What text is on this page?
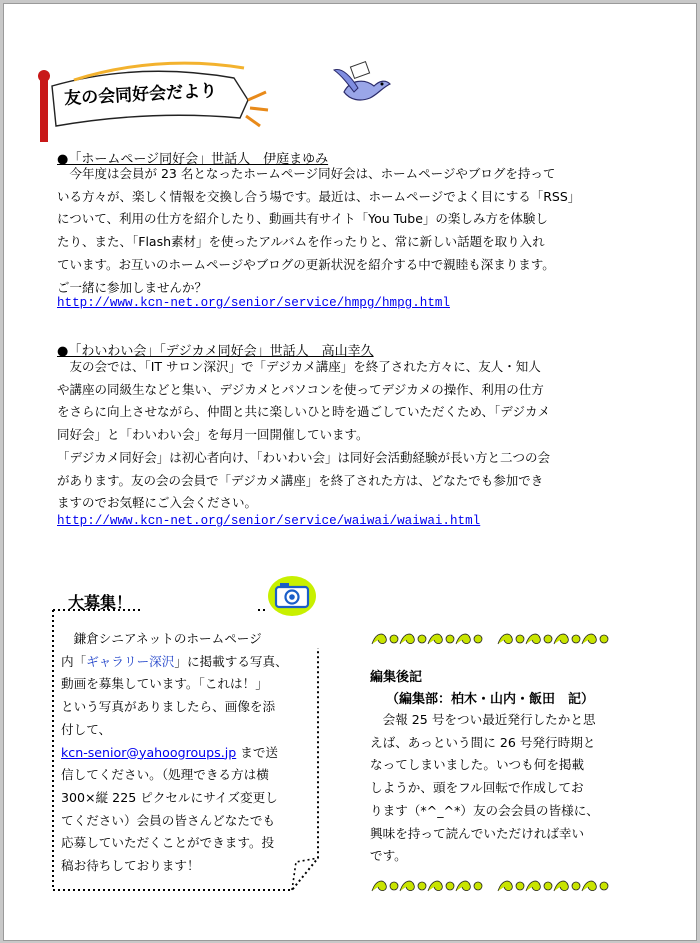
友の会同好会だより
●「ホームページ同好会」世話人　伊庭まゆみ
　今年度は会員が 23 名となったホームページ同好会は、ホームページやブログを持って
いる方々が、楽しく情報を交換し合う場です。最近は、ホームページでよく目にする「RSS」
について、利用の仕方を紹介したり、動画共有サイト「You Tube」の楽しみ方を体験し
たり、また、「Flash素材」を使ったアルバムを作ったりと、常に新しい話題を取り入れ
ています。お互いのホームページやブログの更新状況を紹介する中で親睦も深まります。
ご一緒に参加しませんか？
http://www.kcn-net.org/senior/service/hmpg/hmpg.html
●「わいわい会」「デジカメ同好会」世話人　高山幸久
　友の会では、「IT サロン深沢」で「デジカメ講座」を終了された方々に、友人・知人
や講座の同級生などと集い、デジカメとパソコンを使ってデジカメの操作、利用の仕方
をさらに向上させながら、仲間と共に楽しいひと時を過ごしていただくため、「デジカメ
同好会」と「わいわい会」を毎月一回開催しています。
「デジカメ同好会」は初心者向け、「わいわい会」は同好会活動経験が長い方と二つの会
があります。友の会の会員で「デジカメ講座」を終了された方は、どなたでも参加でき
ますのでお気軽にご入会ください。
http://www.kcn-net.org/senior/service/waiwai/waiwai.html
大募集！
　鎌倉シニアネットのホームページ
内「ギャラリー深沢」に掲載する写真、
動画を募集しています。「これは！」
という写真がありましたら、画像を添
付して、
kcn-senior@yahoogroups.jp まで送
信してください。（処理できる方は横
300×縦 225 ピクセルにサイズ変更し
てください）会員の皆さんどなたでも
応募していただくことができます。投
稿お待ちしております！
編集後記
（編集部：柏木・山内・飯田　記）
　会報 25 号をつい最近発行したかと思
えば、あっという間に 26 号発行時期と
なってしまいました。いつも何を掲載
しようか、頭をフル回転で作成してお
ります（*^_^*）友の会会員の皆様に、
興味を持って読んでいただければ幸い
です。
